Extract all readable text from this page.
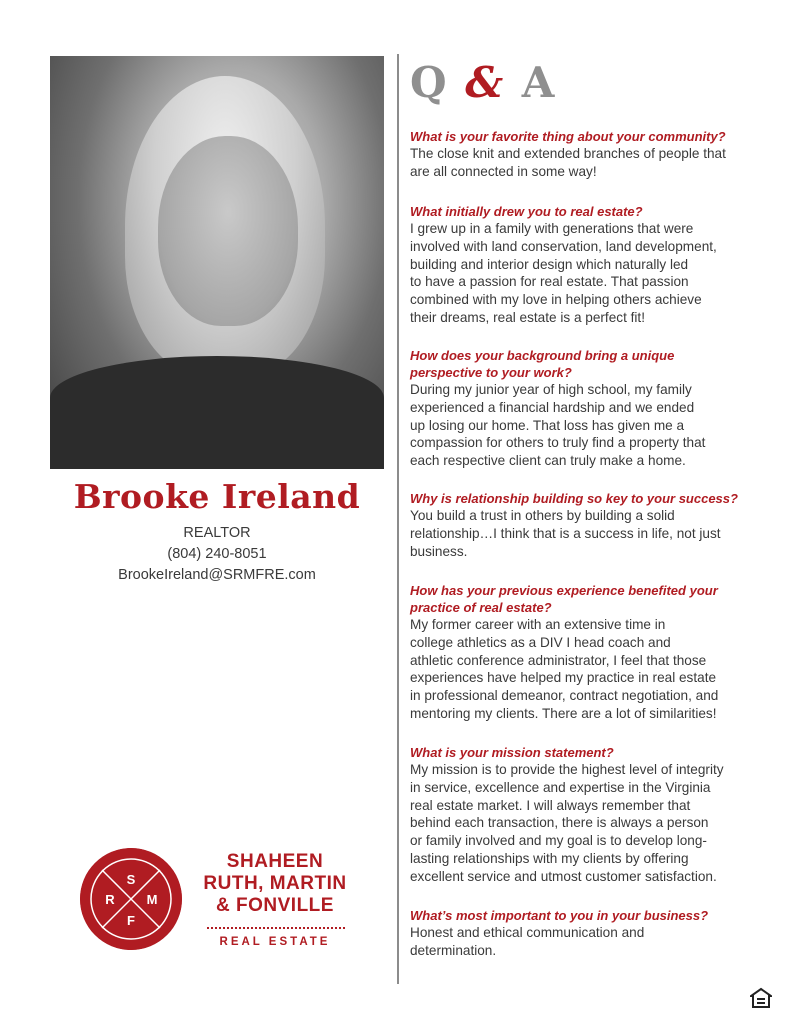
Brooke Ireland
REALTOR
(804) 240-8051
BrookeIreland@SRMFRE.com
Q & A
What is your favorite thing about your community?
The close knit and extended branches of people that
are all connected in some way!
What initially drew you to real estate?
I grew up in a family with generations that were
involved with land conservation, land development,
building and interior design which naturally led
to have a passion for real estate. That passion
combined with my love in helping others achieve
their dreams, real estate is a perfect fit!
How does your background bring a unique
perspective to your work?
During my junior year of high school, my family
experienced a financial hardship and we ended
up losing our home. That loss has given me a
compassion for others to truly find a property that
each respective client can truly make a home.
Why is relationship building so key to your success?
You build a trust in others by building a solid
relationship…I think that is a success in life, not just
business.
How has your previous experience benefited your
practice of real estate?
My former career with an extensive time in
college athletics as a DIV I head coach and
athletic conference administrator, I feel that those
experiences have helped my practice in real estate
in professional demeanor, contract negotiation, and
mentoring my clients. There are a lot of similarities!
What is your mission statement?
My mission is to provide the highest level of integrity
in service, excellence and expertise in the Virginia
real estate market. I will always remember that
behind each transaction, there is always a person
or family involved and my goal is to develop long-
lasting relationships with my clients by offering
excellent service and utmost customer satisfaction.
What’s most important to you in your business?
Honest and ethical communication and
determination.
S
R M
F
SHAHEEN
RUTH, MARTIN
& FONVILLE
REAL ESTATE
